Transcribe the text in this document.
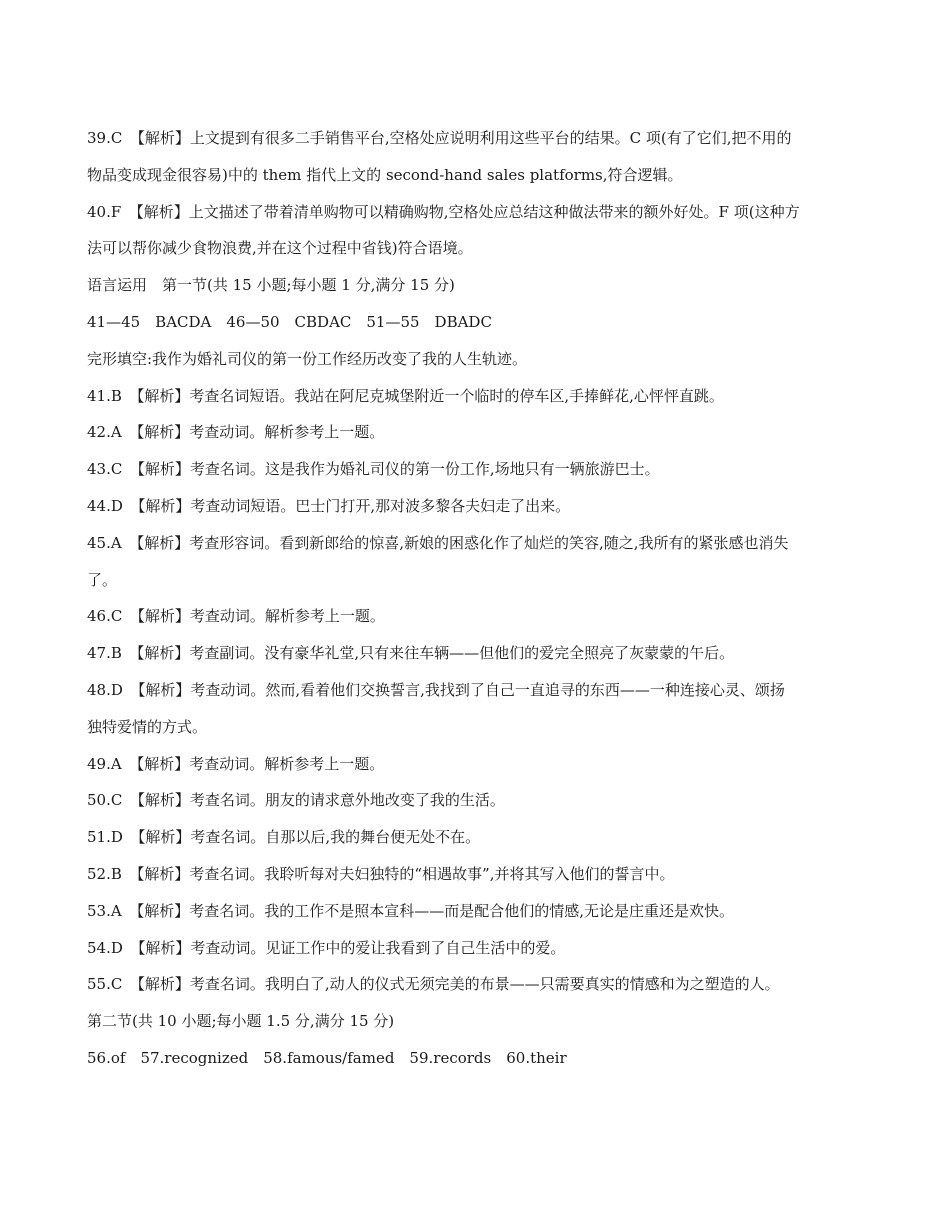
39.C　【解析】上文提到有很多二手销售平台,空格处应说明利用这些平台的结果。C 项(有了它们,把不用的

物品变成现金很容易)中的 them 指代上文的 second-hand sales platforms,符合逻辑。

40.F　【解析】上文描述了带着清单购物可以精确购物,空格处应总结这种做法带来的额外好处。F 项(这种方

法可以帮你减少食物浪费,并在这个过程中省钱)符合语境。

语言运用　第一节(共 15 小题;每小题 1 分,满分 15 分)

41—45　BACDA　46—50　CBDAC　51—55　DBADC

完形填空:我作为婚礼司仪的第一份工作经历改变了我的人生轨迹。

41.B　【解析】考查名词短语。我站在阿尼克城堡附近一个临时的停车区,手捧鲜花,心怦怦直跳。

42.A　【解析】考查动词。解析参考上一题。

43.C　【解析】考查名词。这是我作为婚礼司仪的第一份工作,场地只有一辆旅游巴士。

44.D　【解析】考查动词短语。巴士门打开,那对波多黎各夫妇走了出来。

45.A　【解析】考查形容词。看到新郎给的惊喜,新娘的困惑化作了灿烂的笑容,随之,我所有的紧张感也消失

了。

46.C　【解析】考查动词。解析参考上一题。

47.B　【解析】考查副词。没有豪华礼堂,只有来往车辆——但他们的爱完全照亮了灰蒙蒙的午后。

48.D　【解析】考查动词。然而,看着他们交换誓言,我找到了自己一直追寻的东西——一种连接心灵、颂扬

独特爱情的方式。

49.A　【解析】考查动词。解析参考上一题。

50.C　【解析】考查名词。朋友的请求意外地改变了我的生活。

51.D　【解析】考查名词。自那以后,我的舞台便无处不在。

52.B　【解析】考查名词。我聆听每对夫妇独特的“相遇故事”,并将其写入他们的誓言中。

53.A　【解析】考查名词。我的工作不是照本宣科——而是配合他们的情感,无论是庄重还是欢快。

54.D　【解析】考查动词。见证工作中的爱让我看到了自己生活中的爱。

55.C　【解析】考查名词。我明白了,动人的仪式无须完美的布景——只需要真实的情感和为之塑造的人。

第二节(共 10 小题;每小题 1.5 分,满分 15 分)

56.of　57.recognized　58.famous/famed　59.records　60.their
